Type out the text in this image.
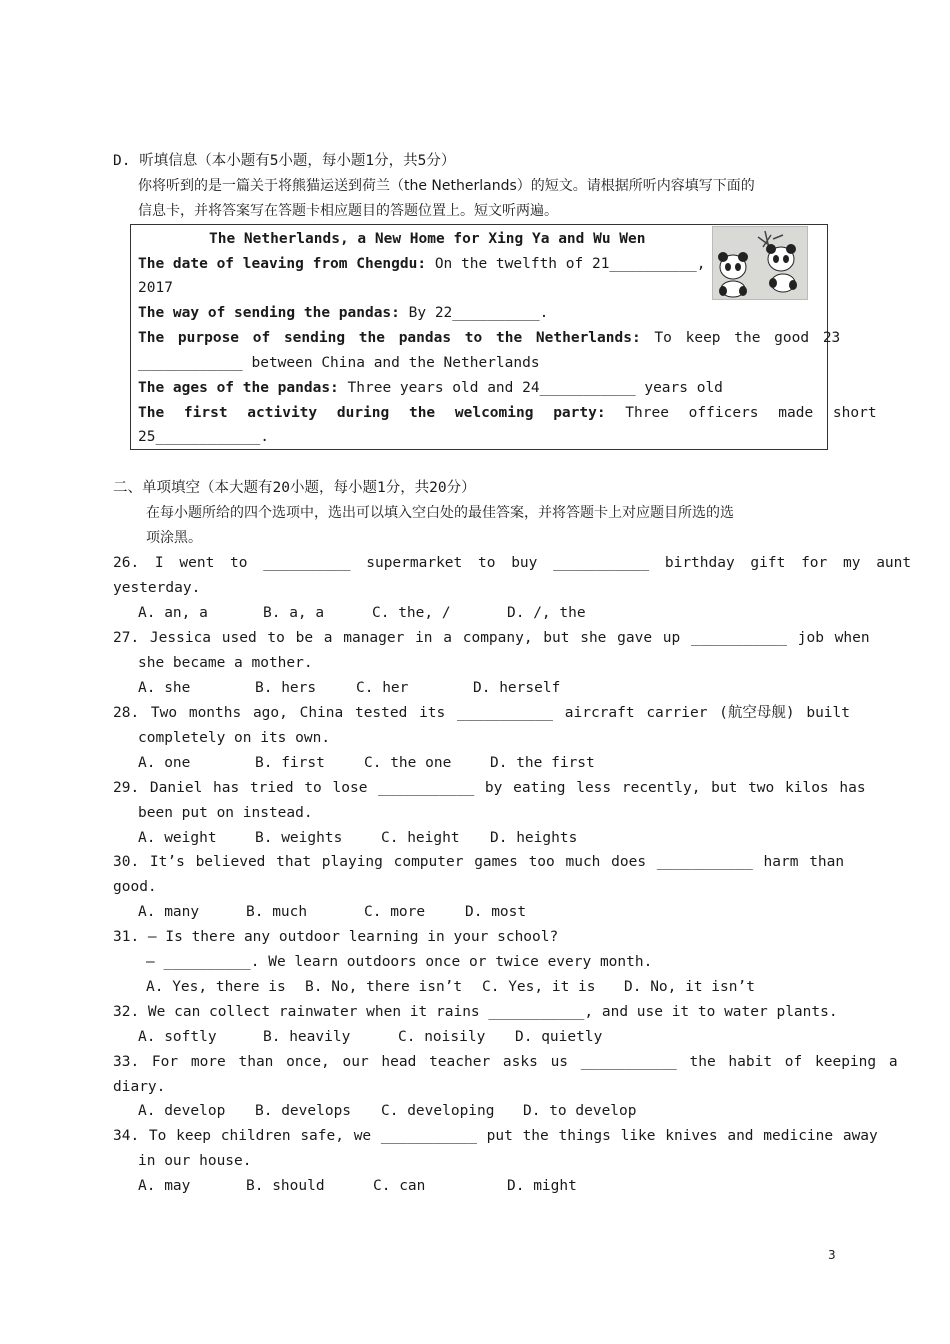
D. 听填信息（本小题有5小题，每小题1分，共5分）
你将听到的是一篇关于将熊猫运送到荷兰（the Netherlands）的短文。请根据所听内容填写下面的
信息卡，并将答案写在答题卡相应题目的答题位置上。短文听两遍。
The Netherlands, a New Home for Xing Ya and Wu Wen
The date of leaving from Chengdu: On the twelfth of 21__________,
2017
The way of sending the pandas: By 22__________.
The purpose of sending the pandas to the Netherlands: To keep the good 23
____________ between China and the Netherlands
The ages of the pandas: Three years old and 24___________ years old
The first activity during the welcoming party: Three officers made short
25____________.
二、单项填空（本大题有20小题，每小题1分，共20分）
在每小题所给的四个选项中，选出可以填入空白处的最佳答案，并将答题卡上对应题目所选的选
项涂黑。
26. I went to __________ supermarket to buy ___________ birthday gift for my aunt
yesterday.
A. an, a	B. a, a	C. the, /	D. /, the
27. Jessica used to be a manager in a company, but she gave up ___________ job when
she became a mother.
A. she	B. hers	C. her	D. herself
28. Two months ago, China tested its ___________ aircraft carrier (航空母舰) built
completely on its own.
A. one	B. first	C. the one	D. the first
29. Daniel has tried to lose ___________ by eating less recently, but two kilos has
been put on instead.
A. weight	B. weights	C. height D. heights
30. It’s believed that playing computer games too much does ___________ harm than
good.
A. many	B. much	C. more	D. most
31. — Is there any outdoor learning in your school?
— __________. We learn outdoors once or twice every month.
A. Yes, there is B. No, there isn’t C. Yes, it is D. No, it isn’t
32. We can collect rainwater when it rains ___________, and use it to water plants.
A. softly	B. heavily	C. noisily D. quietly
33. For more than once, our head teacher asks us ___________ the habit of keeping a
diary.
A. develop B. develops C. developing D. to develop
34. To keep children safe, we ___________ put the things like knives and medicine away
in our house.
A. may	B. should	C. can	D. might
3
